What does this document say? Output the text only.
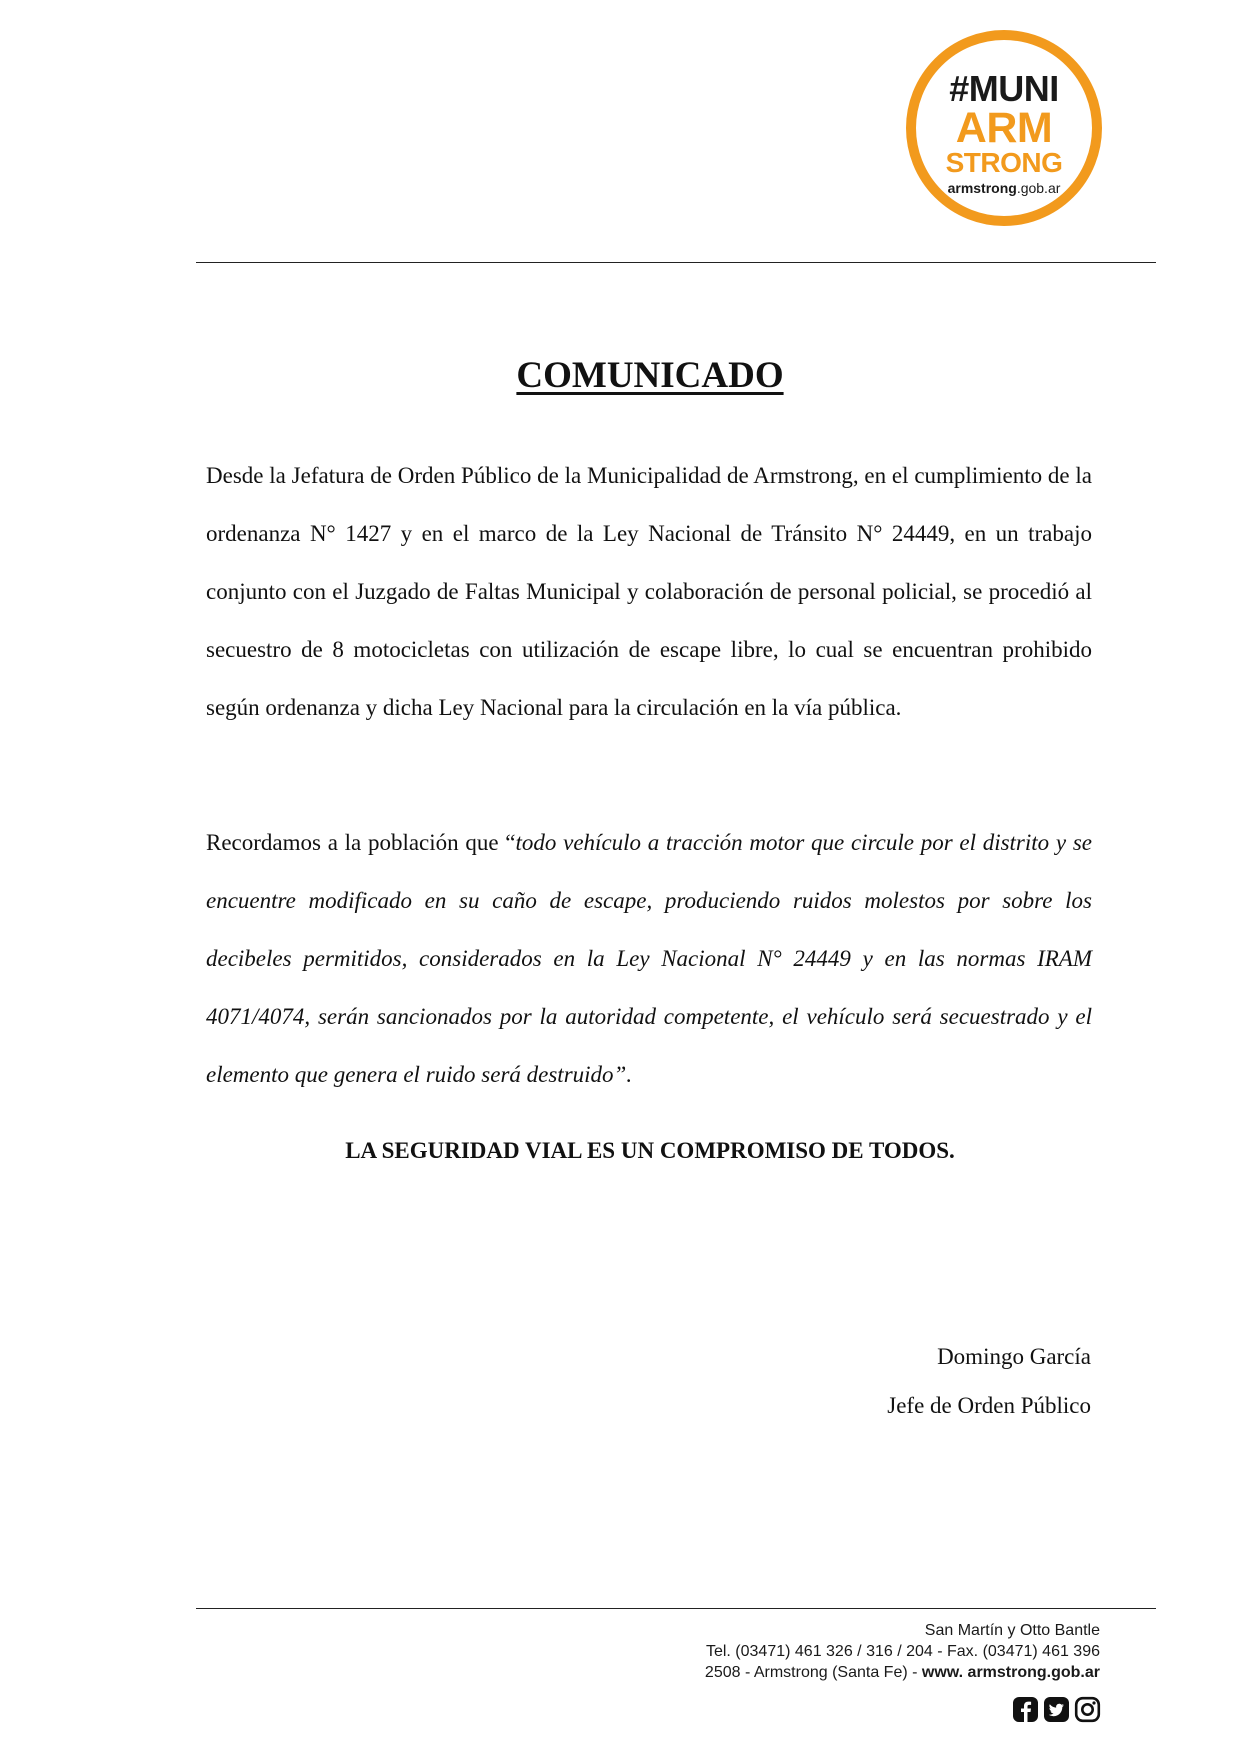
#MUNI
ARM
STRONG
armstrong.gob.ar
COMUNICADO

Desde la Jefatura de Orden Público de la Municipalidad de Armstrong, en el cumplimiento de la ordenanza N° 1427 y en el marco de la Ley Nacional de Tránsito N° 24449, en un trabajo conjunto con el Juzgado de Faltas Municipal y colaboración de personal policial, se procedió al secuestro de 8 motocicletas con utilización de escape libre, lo cual se encuentran prohibido según ordenanza y dicha Ley Nacional para la circulación en la vía pública.

Recordamos a la población que “todo vehículo a tracción motor que circule por el distrito y se encuentre modificado en su caño de escape, produciendo ruidos molestos por sobre los decibeles permitidos, considerados en la Ley Nacional N° 24449 y en las normas IRAM 4071/4074, serán sancionados por la autoridad competente, el vehículo será secuestrado y el elemento que genera el ruido será destruido”.

LA SEGURIDAD VIAL ES UN COMPROMISO DE TODOS.
Domingo García
Jefe de Orden Público
San Martín y Otto Bantle
Tel. (03471) 461 326 / 316 / 204 - Fax. (03471) 461 396
2508 - Armstrong (Santa Fe) - www. armstrong.gob.ar
